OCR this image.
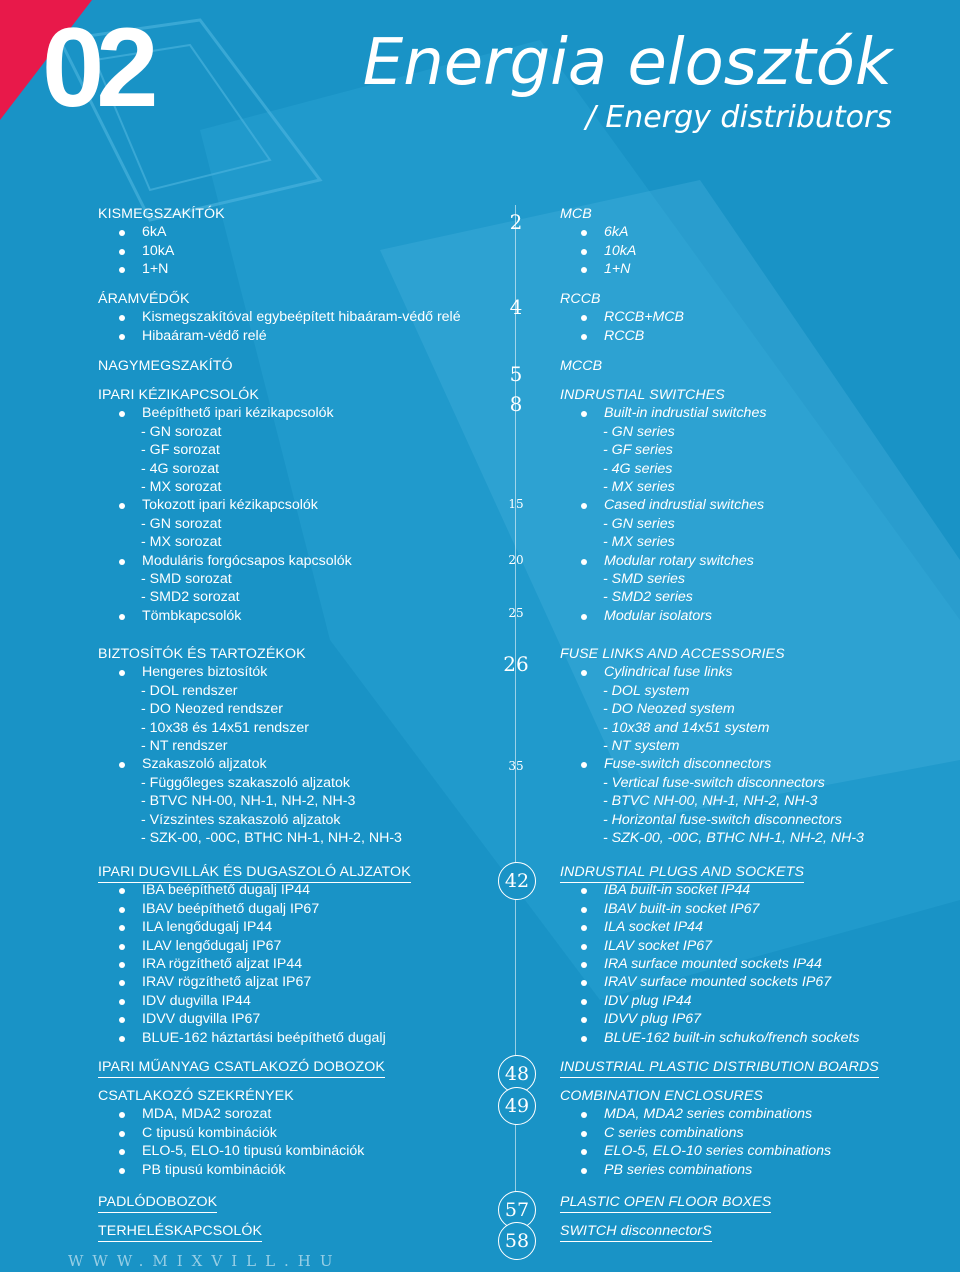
02	Energia elosztók
/ Energy distributors
2
4
5
8
15
20
25
26
35
42
48
49
57
58
KISMEGSZAKÍTÓK
6kA
10kA
1+N
ÁRAMVÉDŐK
Kismegszakítóval egybeépített hibaáram-védő relé
Hibaáram-védő relé
NAGYMEGSZAKÍTÓ
IPARI KÉZIKAPCSOLÓK
Beépíthető ipari kézikapcsolók
- GN sorozat
- GF sorozat
- 4G sorozat
- MX sorozat
Tokozott ipari kézikapcsolók
- GN sorozat
- MX sorozat
Moduláris forgócsapos kapcsolók
- SMD sorozat
- SMD2 sorozat
Tömbkapcsolók
BIZTOSÍTÓK ÉS TARTOZÉKOK
Hengeres biztosítók
- DOL rendszer
- DO Neozed rendszer
- 10x38 és 14x51 rendszer
- NT rendszer
Szakaszoló aljzatok
- Függőleges szakaszoló aljzatok
- BTVC NH-00, NH-1, NH-2, NH-3
- Vízszintes szakaszoló aljzatok
- SZK-00, -00C, BTHC NH-1, NH-2, NH-3
IPARI DUGVILLÁK ÉS DUGASZOLÓ ALJZATOK
IBA beépíthető dugalj IP44
IBAV beépíthető dugalj IP67
ILA lengődugalj IP44
ILAV lengődugalj IP67
IRA rögzíthető aljzat IP44
IRAV rögzíthető aljzat IP67
IDV dugvilla IP44
IDVV dugvilla IP67
BLUE-162 háztartási beépíthető dugalj
IPARI MŰANYAG CSATLAKOZÓ DOBOZOK
CSATLAKOZÓ SZEKRÉNYEK
MDA, MDA2 sorozat
C tipusú kombinációk
ELO-5, ELO-10 tipusú kombinációk
PB tipusú kombinációk
PADLÓDOBOZOK
TERHELÉSKAPCSOLÓK
MCB
6kA
10kA
1+N
RCCB
RCCB+MCB
RCCB
MCCB
INDRUSTIAL SWITCHES
Built-in indrustial switches
- GN series
- GF series
- 4G series
- MX series
Cased indrustial switches
- GN series
- MX series
Modular rotary switches
- SMD series
- SMD2 series
Modular isolators
FUSE LINKS AND ACCESSORIES
Cylindrical fuse links
- DOL system
- DO Neozed system
- 10x38 and 14x51 system
- NT system
Fuse-switch disconnectors
- Vertical fuse-switch disconnectors
- BTVC NH-00, NH-1, NH-2, NH-3
- Horizontal fuse-switch disconnectors
- SZK-00, -00C, BTHC NH-1, NH-2, NH-3
INDRUSTIAL PLUGS AND SOCKETS
IBA built-in socket IP44
IBAV built-in socket IP67
ILA socket IP44
ILAV socket IP67
IRA surface mounted sockets IP44
IRAV surface mounted sockets IP67
IDV plug IP44
IDVV plug IP67
BLUE-162 built-in schuko/french sockets
INDUSTRIAL PLASTIC DISTRIBUTION BOARDS
COMBINATION ENCLOSURES
MDA, MDA2 series combinations
C series combinations
ELO-5, ELO-10 series combinations
PB series combinations
PLASTIC OPEN FLOOR BOXES
SWITCH disconnectorS
WWW.MIXVILL.HU
